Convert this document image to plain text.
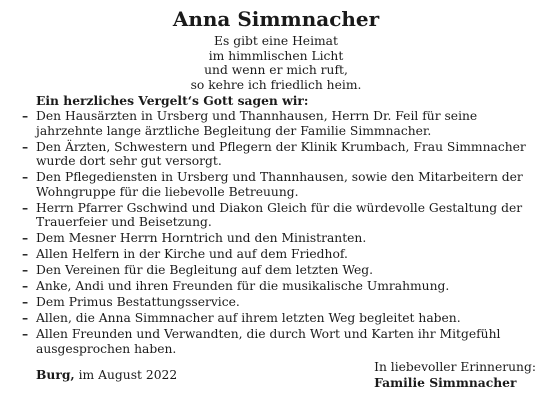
Anna Simmnacher
Es gibt eine Heimat
im himmlischen Licht
und wenn er mich ruft,
so kehre ich friedlich heim.
Ein herzliches Vergelt‘s Gott sagen wir:
– Den Hausärzten in Ursberg und Thannhausen, Herrn Dr. Feil für seine
jahrzehnte lange ärztliche Begleitung der Familie Simmnacher.
– Den Ärzten, Schwestern und Pflegern der Klinik Krumbach, Frau Simmnacher
wurde dort sehr gut versorgt.
– Den Pflegediensten in Ursberg und Thannhausen, sowie den Mitarbeitern der
Wohngruppe für die liebevolle Betreuung.
– Herrn Pfarrer Gschwind und Diakon Gleich für die würdevolle Gestaltung der
Trauerfeier und Beisetzung.
– Dem Mesner Herrn Horntrich und den Ministranten.
– Allen Helfern in der Kirche und auf dem Friedhof.
– Den Vereinen für die Begleitung auf dem letzten Weg.
– Anke, Andi und ihren Freunden für die musikalische Umrahmung.
– Dem Primus Bestattungsservice.
– Allen, die Anna Simmnacher auf ihrem letzten Weg begleitet haben.
– Allen Freunden und Verwandten, die durch Wort und Karten ihr Mitgefühl
ausgesprochen haben.
Burg, im August 2022
In liebevoller Erinnerung:
Familie Simmnacher
